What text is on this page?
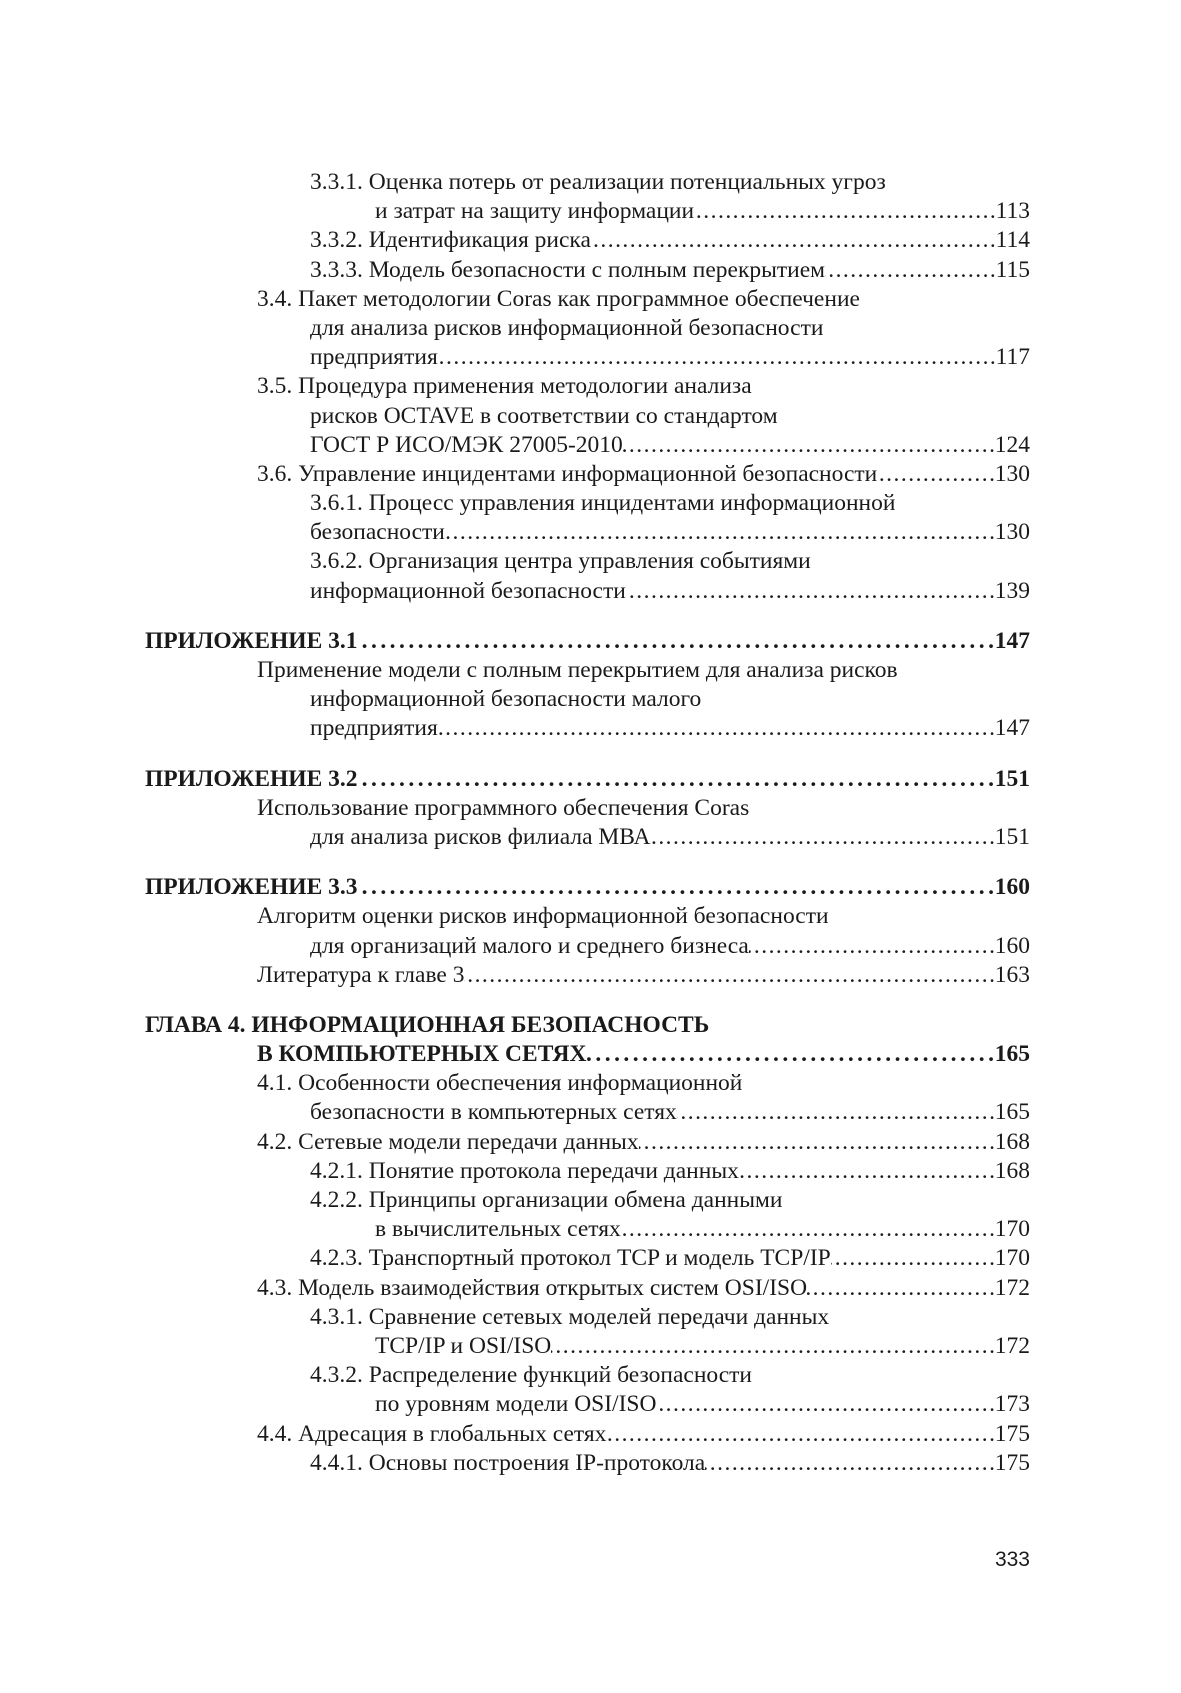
3.3.1. Оценка потерь от реализации потенциальных угроз
и затрат на защиту информации . . .	113
3.3.2. Идентификация риска . . .	114
3.3.3. Модель безопасности с полным перекрытием . . .	115
3.4. Пакет методологии Coras как программное обеспечение
для анализа рисков информационной безопасности
предприятия . . .	117
3.5. Процедура применения методологии анализа
рисков OCTAVE в соответствии со стандартом
ГОСТ Р ИСО/МЭК 27005-2010 . . .	124
3.6. Управление инцидентами информационной безопасности . . .	130
3.6.1. Процесс управления инцидентами информационной
безопасности . . .	130
3.6.2. Организация центра управления событиями
информационной безопасности . . .	139
ПРИЛОЖЕНИЕ 3.1 . . .	147
Применение модели с полным перекрытием для анализа рисков
информационной безопасности малого
предприятия . . .	147
ПРИЛОЖЕНИЕ 3.2 . . .	151
Использование программного обеспечения Coras
для анализа рисков филиала МВА . . .	151
ПРИЛОЖЕНИЕ 3.3 . . .	160
Алгоритм оценки рисков информационной безопасности
для организаций малого и среднего бизнеса . . .	160
Литература к главе 3 . . .	163
ГЛАВА 4. ИНФОРМАЦИОННАЯ БЕЗОПАСНОСТЬ
В КОМПЬЮТЕРНЫХ СЕТЯХ . . .	165
4.1. Особенности обеспечения информационной
безопасности в компьютерных сетях . . .	165
4.2. Сетевые модели передачи данных . . .	168
4.2.1. Понятие протокола передачи данных . . .	168
4.2.2. Принципы организации обмена данными
в вычислительных сетях . . .	170
4.2.3. Транспортный протокол TCP и модель TCP/IP . . .	170
4.3. Модель взаимодействия открытых систем OSI/ISO . . .	172
4.3.1. Сравнение сетевых моделей передачи данных
TCP/IP и OSI/ISO . . .	172
4.3.2. Распределение функций безопасности
по уровням модели OSI/ISO . . .	173
4.4. Адресация в глобальных сетях . . .	175
4.4.1. Основы построения IP-протокола . . .	175
333
